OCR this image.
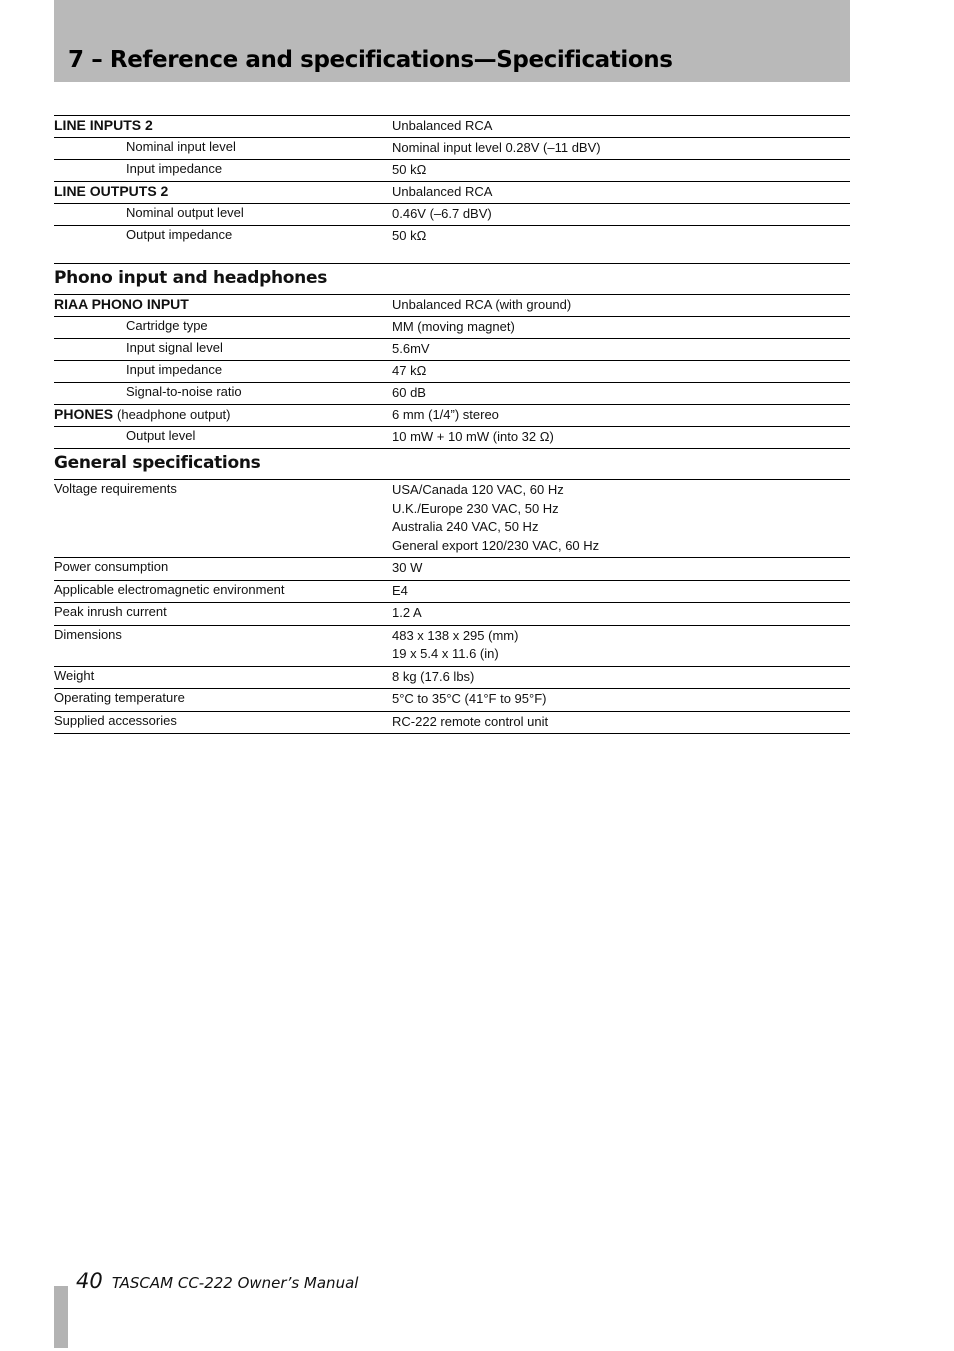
7 – Reference and specifications—Specifications
LINE INPUTS 2	Unbalanced RCA
Nominal input level	Nominal input level 0.28V (–11 dBV)
Input impedance	50 kΩ
LINE OUTPUTS 2	Unbalanced RCA
Nominal output level	0.46V (–6.7 dBV)
Output impedance	50 kΩ
Phono input and headphones
RIAA PHONO INPUT	Unbalanced RCA (with ground)
Cartridge type	MM (moving magnet)
Input signal level	5.6mV
Input impedance	47 kΩ
Signal-to-noise ratio	60 dB
PHONES (headphone output)	6 mm (1/4”) stereo
Output level	10 mW + 10 mW (into 32 Ω)
General specifications
Voltage requirements	USA/Canada 120 VAC, 60 Hz
U.K./Europe 230 VAC, 50 Hz
Australia 240 VAC, 50 Hz
General export 120/230 VAC, 60 Hz
Power consumption	30 W
Applicable electromagnetic environment	E4
Peak inrush current	1.2 A
Dimensions	483 x 138 x 295 (mm)
19 x 5.4 x 11.6 (in)
Weight	8 kg (17.6 lbs)
Operating temperature	5°C to 35°C (41°F to 95°F)
Supplied accessories	RC-222 remote control unit
40 TASCAM CC-222 Owner’s Manual
